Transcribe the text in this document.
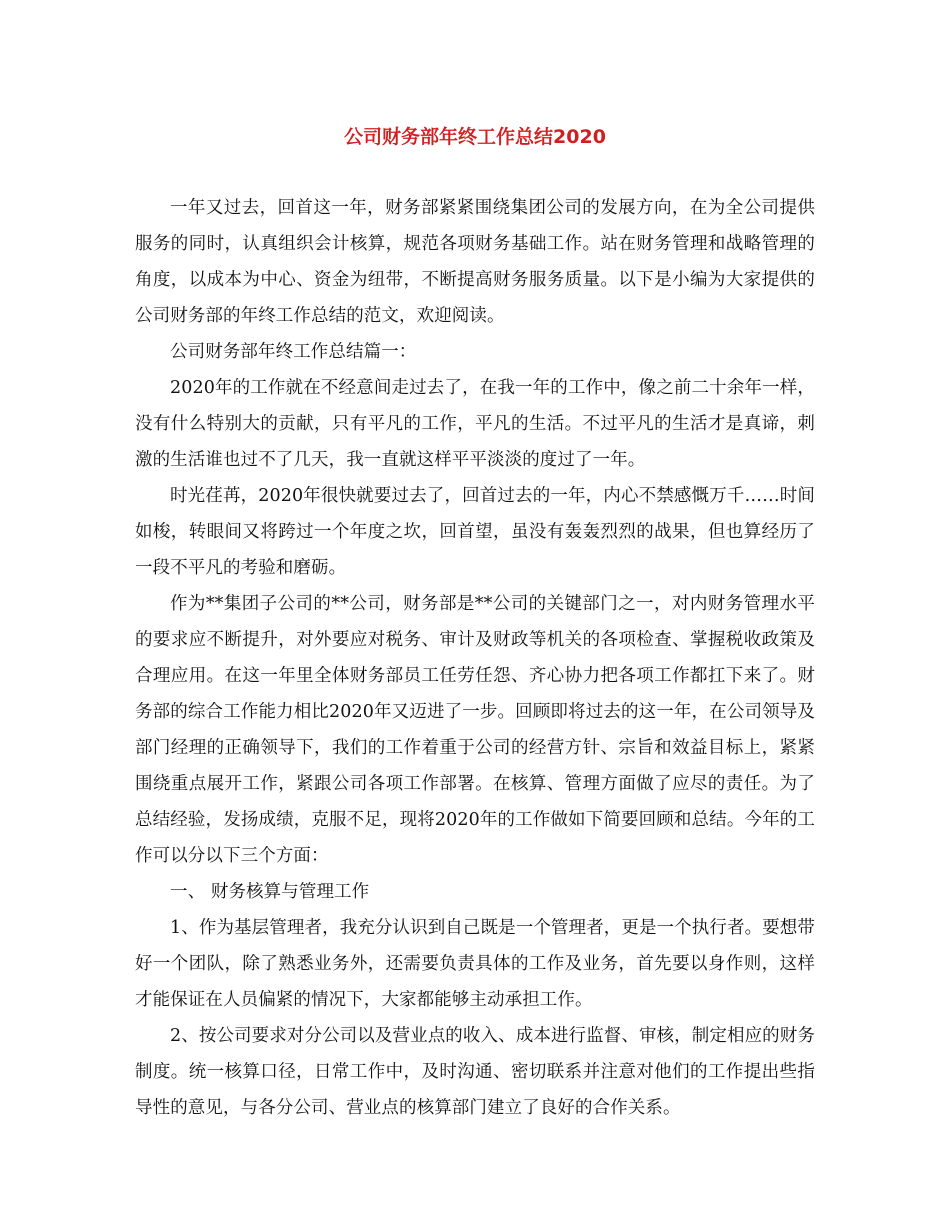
公司财务部年终工作总结2020

一年又过去，回首这一年，财务部紧紧围绕集团公司的发展方向，在为全公司提供服务的同时，认真组织会计核算，规范各项财务基础工作。站在财务管理和战略管理的角度，以成本为中心、资金为纽带，不断提高财务服务质量。以下是小编为大家提供的公司财务部的年终工作总结的范文，欢迎阅读。

公司财务部年终工作总结篇一：

2020年的工作就在不经意间走过去了，在我一年的工作中，像之前二十余年一样，没有什么特别大的贡献，只有平凡的工作，平凡的生活。不过平凡的生活才是真谛，刺激的生活谁也过不了几天，我一直就这样平平淡淡的度过了一年。

时光荏苒，2020年很快就要过去了，回首过去的一年，内心不禁感慨万千……时间如梭，转眼间又将跨过一个年度之坎，回首望，虽没有轰轰烈烈的战果，但也算经历了一段不平凡的考验和磨砺。

作为**集团子公司的**公司，财务部是**公司的关键部门之一，对内财务管理水平的要求应不断提升，对外要应对税务、审计及财政等机关的各项检查、掌握税收政策及合理应用。在这一年里全体财务部员工任劳任怨、齐心协力把各项工作都扛下来了。财务部的综合工作能力相比2020年又迈进了一步。回顾即将过去的这一年，在公司领导及部门经理的正确领导下，我们的工作着重于公司的经营方针、宗旨和效益目标上，紧紧围绕重点展开工作，紧跟公司各项工作部署。在核算、管理方面做了应尽的责任。为了总结经验，发扬成绩，克服不足，现将2020年的工作做如下简要回顾和总结。今年的工作可以分以下三个方面：

一、 财务核算与管理工作

1、作为基层管理者，我充分认识到自己既是一个管理者，更是一个执行者。要想带好一个团队，除了熟悉业务外，还需要负责具体的工作及业务，首先要以身作则，这样才能保证在人员偏紧的情况下，大家都能够主动承担工作。

2、按公司要求对分公司以及营业点的收入、成本进行监督、审核，制定相应的财务制度。统一核算口径，日常工作中，及时沟通、密切联系并注意对他们的工作提出些指导性的意见，与各分公司、营业点的核算部门建立了良好的合作关系。
